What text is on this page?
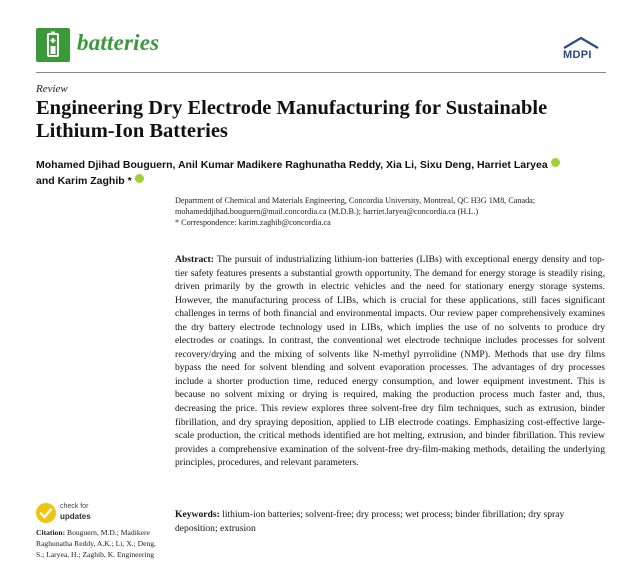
batteries	MDPI
Review
Engineering Dry Electrode Manufacturing for Sustainable Lithium-Ion Batteries
Mohamed Djihad Bouguern, Anil Kumar Madikere Raghunatha Reddy, Xia Li, Sixu Deng, Harriet Laryea
and Karim Zaghib *
Department of Chemical and Materials Engineering, Concordia University, Montreal, QC H3G 1M8, Canada;
mohameddjihad.bouguern@mail.concordia.ca (M.D.B.); harriet.laryea@concordia.ca (H.L.)
* Correspondence: karim.zaghib@concordia.ca
Abstract: The pursuit of industrializing lithium-ion batteries (LIBs) with exceptional energy density and top-tier safety features presents a substantial growth opportunity. The demand for energy storage is steadily rising, driven primarily by the growth in electric vehicles and the need for stationary energy storage systems. However, the manufacturing process of LIBs, which is crucial for these applications, still faces significant challenges in terms of both financial and environmental impacts. Our review paper comprehensively examines the dry battery electrode technology used in LIBs, which implies the use of no solvents to produce dry electrodes or coatings. In contrast, the conventional wet electrode technique includes processes for solvent recovery/drying and the mixing of solvents like N-methyl pyrrolidine (NMP). Methods that use dry films bypass the need for solvent blending and solvent evaporation processes. The advantages of dry processes include a shorter production time, reduced energy consumption, and lower equipment investment. This is because no solvent mixing or drying is required, making the production process much faster and, thus, decreasing the price. This review explores three solvent-free dry film techniques, such as extrusion, binder fibrillation, and dry spraying deposition, applied to LIB electrode coatings. Emphasizing cost-effective large-scale production, the critical methods identified are hot melting, extrusion, and binder fibrillation. This review provides a comprehensive examination of the solvent-free dry-film-making methods, detailing the underlying principles, procedures, and relevant parameters.
Keywords: lithium-ion batteries; solvent-free; dry process; wet process; binder fibrillation; dry spray deposition; extrusion
check for
updates
Citation: Bouguern, M.D.; Madikere Raghunatha Reddy, A.K.; Li, X.; Deng, S.; Laryea, H.; Zaghib, K. Engineering
